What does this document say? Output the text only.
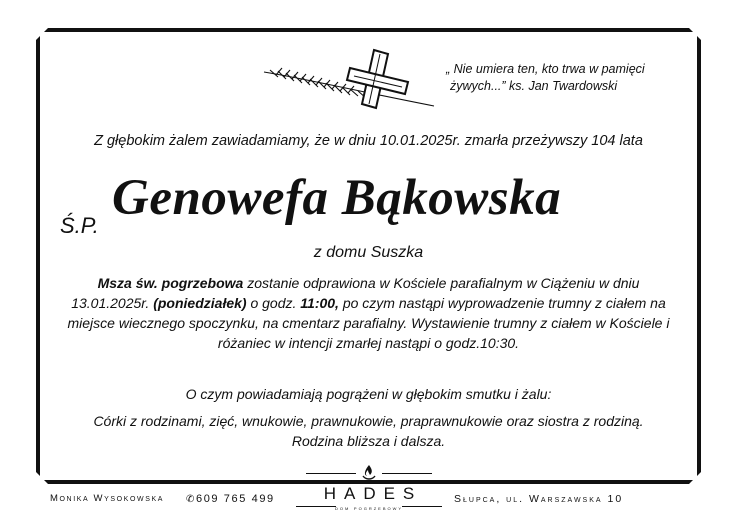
„ Nie umiera ten, kto trwa w pamięci
żywych...” ks. Jan Twardowski
Z głębokim żalem zawiadamiamy, że w dniu 10.01.2025r. zmarła przeżywszy 104 lata
Ś.P. Genowefa Bąkowska
z domu Suszka
Msza św. pogrzebowa zostanie odprawiona w Kościele parafialnym w Ciążeniu w dniu 13.01.2025r. (poniedziałek) o godz. 11:00, po czym nastąpi wyprowadzenie trumny z ciałem na miejsce wiecznego spoczynku, na cmentarz parafialny. Wystawienie trumny z ciałem w Kościele i różaniec w intencji zmarłej nastąpi o godz.10:30.
O czym powiadamiają pogrążeni w głębokim smutku i żalu:
Córki z rodzinami, zięć, wnukowie, prawnukowie, praprawnukowie oraz siostra z rodziną. Rodzina bliższa i dalsza.
Monika Wysokowska ✆609 765 499	HADES
dom pogrzebowy
Słupca, ul. Warszawska 10
